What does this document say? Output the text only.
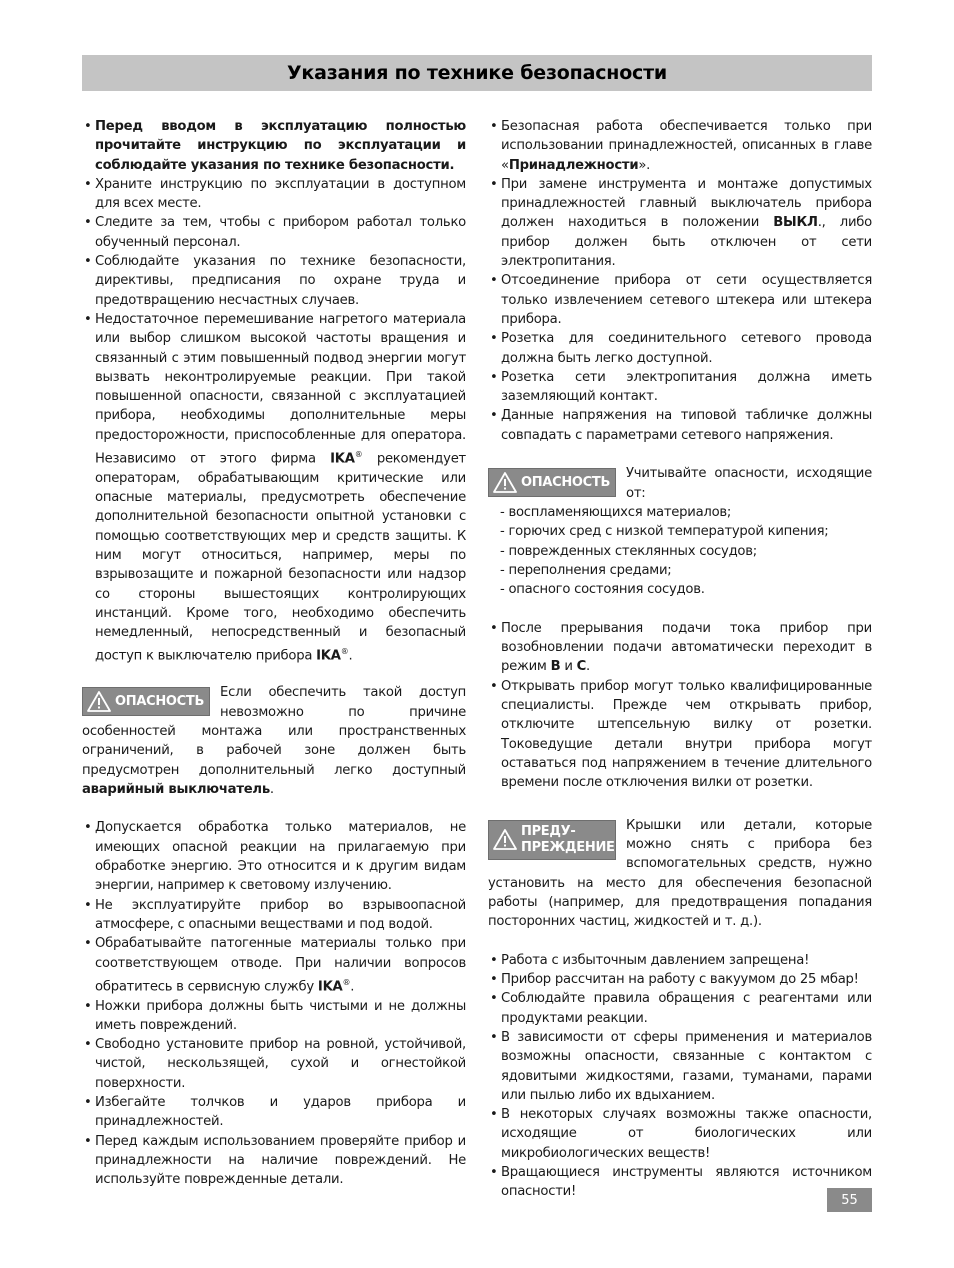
Указания по технике безопасности
• Перед вводом в эксплуатацию полностью прочитайте инструкцию по эксплуатации и соблюдайте указания по технике безопасности.
• Храните инструкцию по эксплуатации в доступном для всех месте.
• Следите за тем, чтобы с прибором работал только обученный персонал.
• Соблюдайте указания по технике безопасности, директивы, предписания по охране труда и предотвращению несчастных случаев.
• Недостаточное перемешивание нагретого материала или выбор слишком высокой частоты вращения и связанный с этим повышенный подвод энергии могут вызвать неконтролируемые реакции. При такой повышенной опасности, связанной с эксплуатацией прибора, необходимы дополнительные меры предосторожности, приспособленные для оператора. Независимо от этого фирма IKA® рекомендует операторам, обрабатывающим критические или опасные материалы, предусмотреть обеспечение дополнительной безопасности опытной установки с помощью соответствующих мер и средств защиты. К ним могут относиться, например, меры по взрывозащите и пожарной безопасности или надзор со стороны вышестоящих контролирующих инстанций. Кроме того, необходимо обеспечить немедленный, непосредственный и безопасный доступ к выключателю прибора IKA®.

ОПАСНОСТЬ
Если обеспечить такой доступ невозможно по причине особенностей монтажа или пространственных ограничений, в рабочей зоне должен быть предусмотрен дополнительный легко доступный аварийный выключатель.

• Допускается обработка только материалов, не имеющих опасной реакции на прилагаемую при обработке энергию. Это относится и к другим видам энергии, например к световому излучению.
• Не эксплуатируйте прибор во взрывоопасной атмосфере, с опасными веществами и под водой.
• Обрабатывайте патогенные материалы только при соответствующем отводе. При наличии вопросов обратитесь в сервисную службу IKA®.
• Ножки прибора должны быть чистыми и не должны иметь повреждений.
• Свободно установите прибор на ровной, устойчивой, чистой, нескользящей, сухой и огнестойкой поверхности.
• Избегайте толчков и ударов прибора и принадлежностей.
• Перед каждым использованием проверяйте прибор и принадлежности на наличие повреждений. Не используйте поврежденные детали.
• Безопасная работа обеспечивается только при использовании принадлежностей, описанных в главе «Принадлежности».
• При замене инструмента и монтаже допустимых принадлежностей главный выключатель прибора должен находиться в положении ВЫКЛ., либо прибор должен быть отключен от сети электропитания.
• Отсоединение прибора от сети осуществляется только извлечением сетевого штекера или штекера прибора.
• Розетка для соединительного сетевого провода должна быть легко доступной.
• Розетка сети электропитания должна иметь заземляющий контакт.
• Данные напряжения на типовой табличке должны совпадать с параметрами сетевого напряжения.
ОПАСНОСТЬ
Учитывайте опасности, исходящие от:
- воспламеняющихся материалов;
- горючих сред с низкой температурой кипения;
- поврежденных стеклянных сосудов;
- переполнения средами;
- опасного состояния сосудов.
• После прерывания подачи тока прибор при возобновлении подачи автоматически переходит в режим B и C.
• Открывать прибор могут только квалифицированные специалисты. Прежде чем открывать прибор, отключите штепсельную вилку от розетки. Токоведущие детали внутри прибора могут оставаться под напряжением в течение длительного времени после отключения вилки от розетки.

ПРЕДУ-
ПРЕЖДЕНИЕ
Крышки или детали, которые можно снять с прибора без вспомогательных средств, нужно установить на место для обеспечения безопасной работы (например, для предотвращения попадания посторонних частиц, жидкостей и т. д.).

• Работа с избыточным давлением запрещена!
• Прибор рассчитан на работу с вакуумом до 25 мбар!
• Соблюдайте правила обращения с реагентами или продуктами реакции.
• В зависимости от сферы применения и материалов возможны опасности, связанные с контактом с ядовитыми жидкостями, газами, туманами, парами или пылью либо их вдыханием.
• В некоторых случаях возможны также опасности, исходящие от биологических или микробиологических веществ!
• Вращающиеся инструменты являются источником опасности!
55
